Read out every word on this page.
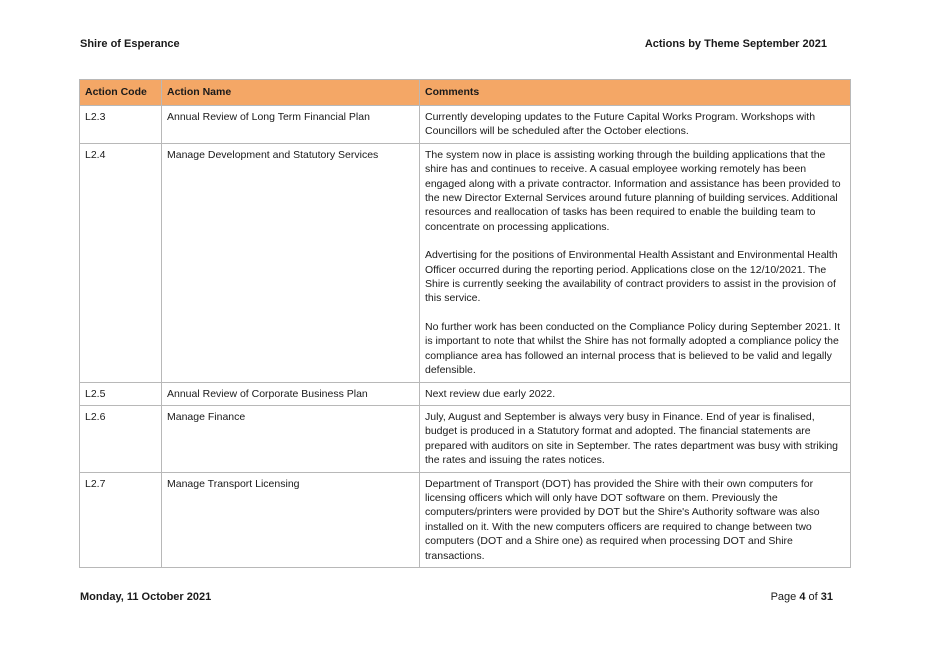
Shire of Esperance	Actions by Theme September 2021
Action Code	Action Name	Comments
L2.3	Annual Review of Long Term Financial Plan	Currently developing updates to the Future Capital Works Program. Workshops with Councillors will be scheduled after the October elections.

L2.4	Manage Development and Statutory Services	The system now in place is assisting working through the building applications that the shire has and continues to receive. A casual employee working remotely has been engaged along with a private contractor. Information and assistance has been provided to the new Director External Services around future planning of building services. Additional resources and reallocation of tasks has been required to enable the building team to concentrate on processing applications.

Advertising for the positions of Environmental Health Assistant and Environmental Health Officer occurred during the reporting period. Applications close on the 12/10/2021. The Shire is currently seeking the availability of contract providers to assist in the provision of this service.

No further work has been conducted on the Compliance Policy during September 2021. It is important to note that whilst the Shire has not formally adopted a compliance policy the compliance area has followed an internal process that is believed to be valid and legally defensible.

L2.5	Annual Review of Corporate Business Plan	Next review due early 2022.

L2.6	Manage Finance	July, August and September is always very busy in Finance. End of year is finalised, budget is produced in a Statutory format and adopted. The financial statements are prepared with auditors on site in September. The rates department was busy with striking the rates and issuing the rates notices.

L2.7	Manage Transport Licensing	Department of Transport (DOT) has provided the Shire with their own computers for licensing officers which will only have DOT software on them. Previously the computers/printers were provided by DOT but the Shire's Authority software was also installed on it. With the new computers officers are required to change between two computers (DOT and a Shire one) as required when processing DOT and Shire transactions.

Monday, 11 October 2021	Page 4 of 31
